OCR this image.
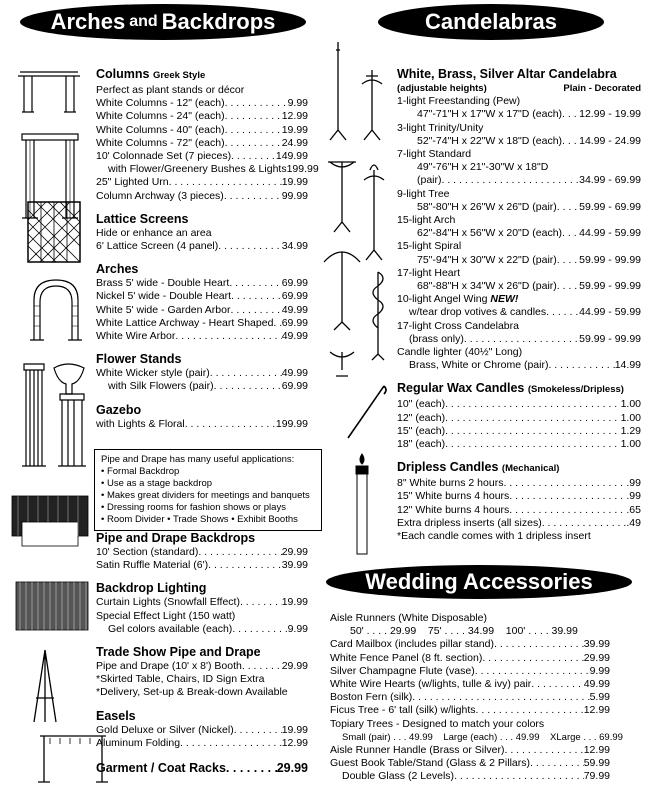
Arches and Backdrops	Candelabras
Wedding Accessories
Columns Greek Style
Perfect as plant stands or décor
White Columns - 12" (each) . . .	9.99
White Columns - 24" (each) . . .	12.99
White Columns - 40" (each) . . .	19.99
White Columns - 72" (each) . . .	24.99
10' Colonnade Set (7 pieces) . . .	149.99
with Flower/Greenery Bushes & Lights 199.99
25" Lighted Urn . . .	19.99
Column Archway (3 pieces) . . .	99.99
Lattice Screens
Hide or enhance an area
6' Lattice Screen (4 panel) . . .	34.99
Arches
Brass 5' wide - Double Heart . . .	69.99
Nickel 5' wide - Double Heart . . .	69.99
White 5' wide - Garden Arbor . . .	49.99
White Lattice Archway - Heart Shaped . . . 69.99
White Wire Arbor . . .	49.99
Flower Stands
White Wicker style (pair) . . .	49.99
with Silk Flowers (pair) . . .	69.99
Gazebo
with Lights & Floral . . .	199.99
Pipe and Drape has many useful applications:
• Formal Backdrop
• Use as a stage backdrop
• Makes great dividers for meetings and banquets
• Dressing rooms for fashion shows or plays
• Room Divider • Trade Shows • Exhibit Booths
Pipe and Drape Backdrops
10' Section (standard) . . .	29.99
Satin Ruffle Material (6') . . .	39.99
Backdrop Lighting
Curtain Lights (Snowfall Effect) . . .	19.99
Special Effect Light (150 watt)
Gel colors available (each) . . .	9.99
Trade Show Pipe and Drape
Pipe and Drape (10' x 8') Booth . . .	29.99
*Skirted Table, Chairs, ID Sign Extra
*Delivery, Set-up & Break-down Available
Easels
Gold Deluxe or Silver (Nickel) . . .	19.99
Aluminum Folding . . .	12.99
Garment / Coat Racks . . .	29.99
White, Brass, Silver Altar Candelabra
(adjustable heights)	Plain - Decorated
1-light Freestanding (Pew)
47"-71"H x 17"W x 17"D (each) . . . 12.99 - 19.99
3-light Trinity/Unity
52"-74"H x 22"W x 18"D (each) . . . 14.99 - 24.99
7-light Standard
49"-76"H x 21"-30"W x 18"D
(pair) . . .	34.99 - 69.99
9-light Tree
58"-80"H x 26"W x 26"D (pair) . . . 59.99 - 69.99
15-light Arch
62"-84"H x 56"W x 20"D (each) . . . 44.99 - 59.99
15-light Spiral
75"-94"H x 30"W x 22"D (pair) . . . 59.99 - 99.99
17-light Heart
68"-88"H x 34"W x 26"D (pair) . . . 59.99 - 99.99
10-light Angel Wing NEW!
w/tear drop votives & candles . . .	44.99 - 59.99
17-light Cross Candelabra
(brass only) . . .	59.99 - 99.99
Candle lighter (40½" Long)
Brass, White or Chrome (pair) . . .	14.99
Regular Wax Candles (Smokeless/Dripless)
10" (each) . . .	1.00
12" (each) . . .	1.00
15" (each) . . .	1.29
18" (each) . . .	1.00
Dripless Candles (Mechanical)
8" White burns 2 hours . . .	.99
15" White burns 4 hours . . .	.99
12" White burns 4 hours . . .	.65
Extra dripless inserts (all sizes) . . .	.49
*Each candle comes with 1 dripless insert
Aisle Runners (White Disposable)
50' . . . . 29.99    75' . . . . 34.99    100' . . . . 39.99
Card Mailbox (includes pillar stand) . . .	39.99
White Fence Panel (8 ft. section) . . .	29.99
Silver Champagne Flute (vase) . . .	9.99
White Wire Hearts (w/lights, tulle & ivy) pair . . .	49.99
Boston Fern (silk) . . .	5.99
Ficus Tree - 6' tall (silk) w/lights . . .	12.99
Topiary Trees - Designed to match your colors
Small (pair) . . . 49.99    Large (each) . . . 49.99    XLarge . . . 69.99
Aisle Runner Handle (Brass or Silver) . . .	12.99
Guest Book Table/Stand (Glass & 2 Pillars) . . .	59.99
Double Glass (2 Levels) . . .	79.99
